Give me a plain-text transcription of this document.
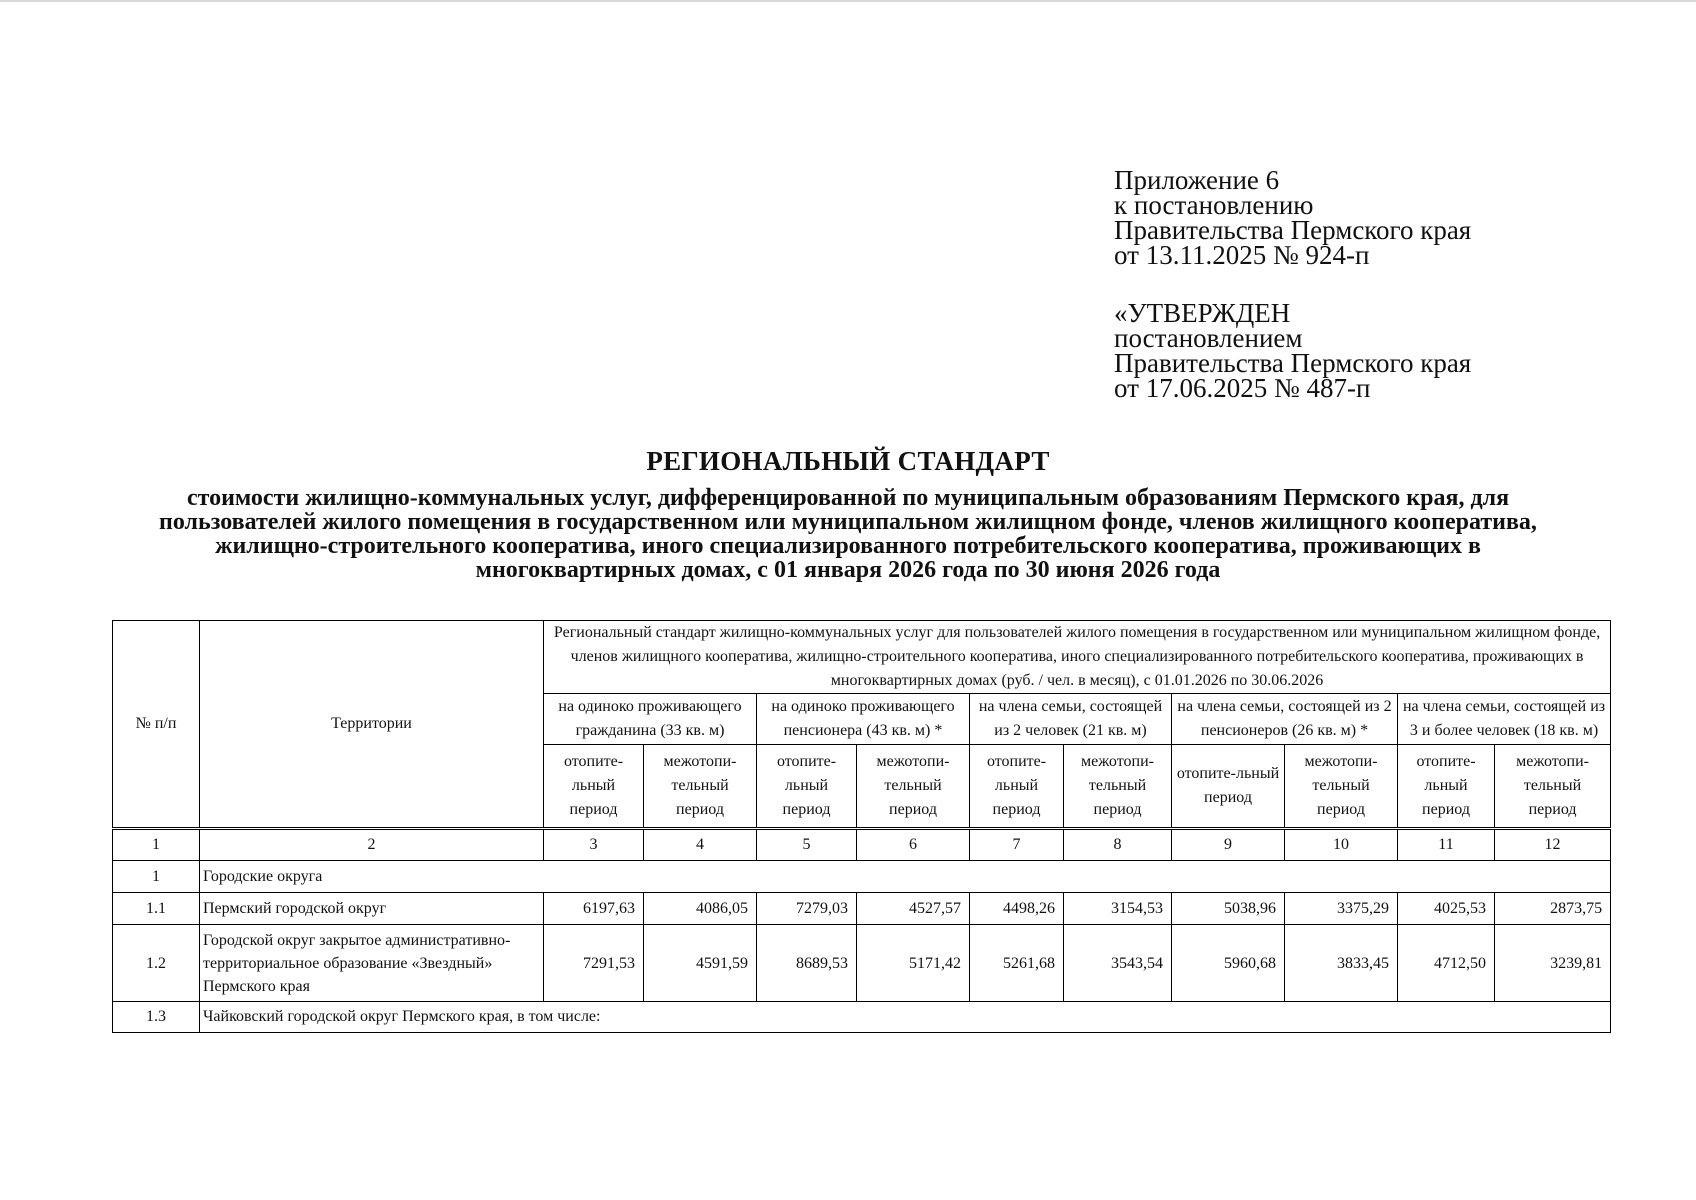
Приложение 6
к постановлению
Правительства Пермского края
от 13.11.2025 № 924-п
«УТВЕРЖДЕН
постановлением
Правительства Пермского края
от 17.06.2025 № 487-п
РЕГИОНАЛЬНЫЙ СТАНДАРТ
стоимости жилищно-коммунальных услуг, дифференцированной по муниципальным образованиям Пермского края, для пользователей жилого помещения в государственном или муниципальном жилищном фонде, членов жилищного кооператива, жилищно-строительного кооператива, иного специализированного потребительского кооператива, проживающих в многоквартирных домах, с 01 января 2026 года по 30 июня 2026 года
№ п/п	Территории	Региональный стандарт жилищно-коммунальных услуг для пользователей жилого помещения в государственном или муниципальном жилищном фонде, членов жилищного кооператива, жилищно-строительного кооператива, иного специализированного потребительского кооператива, проживающих в многоквартирных домах (руб. / чел. в месяц), с 01.01.2026 по 30.06.2026									
		на одиноко проживающего гражданина (33 кв. м)		на одиноко проживающего пенсионера (43 кв. м) *		на члена семьи, состоящей из 2 человек (21 кв. м)		на члена семьи, состоящей из 2 пенсионеров (26 кв. м) *		на члена семьи, состоящей из 3 и более человек (18 кв. м)	
		отопите-льный период	межотопи-тельный период	отопите-льный период	межотопи-тельный период	отопите-льный период	межотопи-тельный период	отопите-льный период	межотопи-тельный период	отопите-льный период	межотопи-тельный период
1	2	3	4	5	6	7	8	9	10	11	12
1	Городские округа										
1.1	Пермский городской округ	6197,63	4086,05	7279,03	4527,57	4498,26	3154,53	5038,96	3375,29	4025,53	2873,75
1.2	Городской округ закрытое административно-территориальное образование «Звездный» Пермского края	7291,53	4591,59	8689,53	5171,42	5261,68	3543,54	5960,68	3833,45	4712,50	3239,81
1.3	Чайковский городской округ Пермского края, в том числе:										
